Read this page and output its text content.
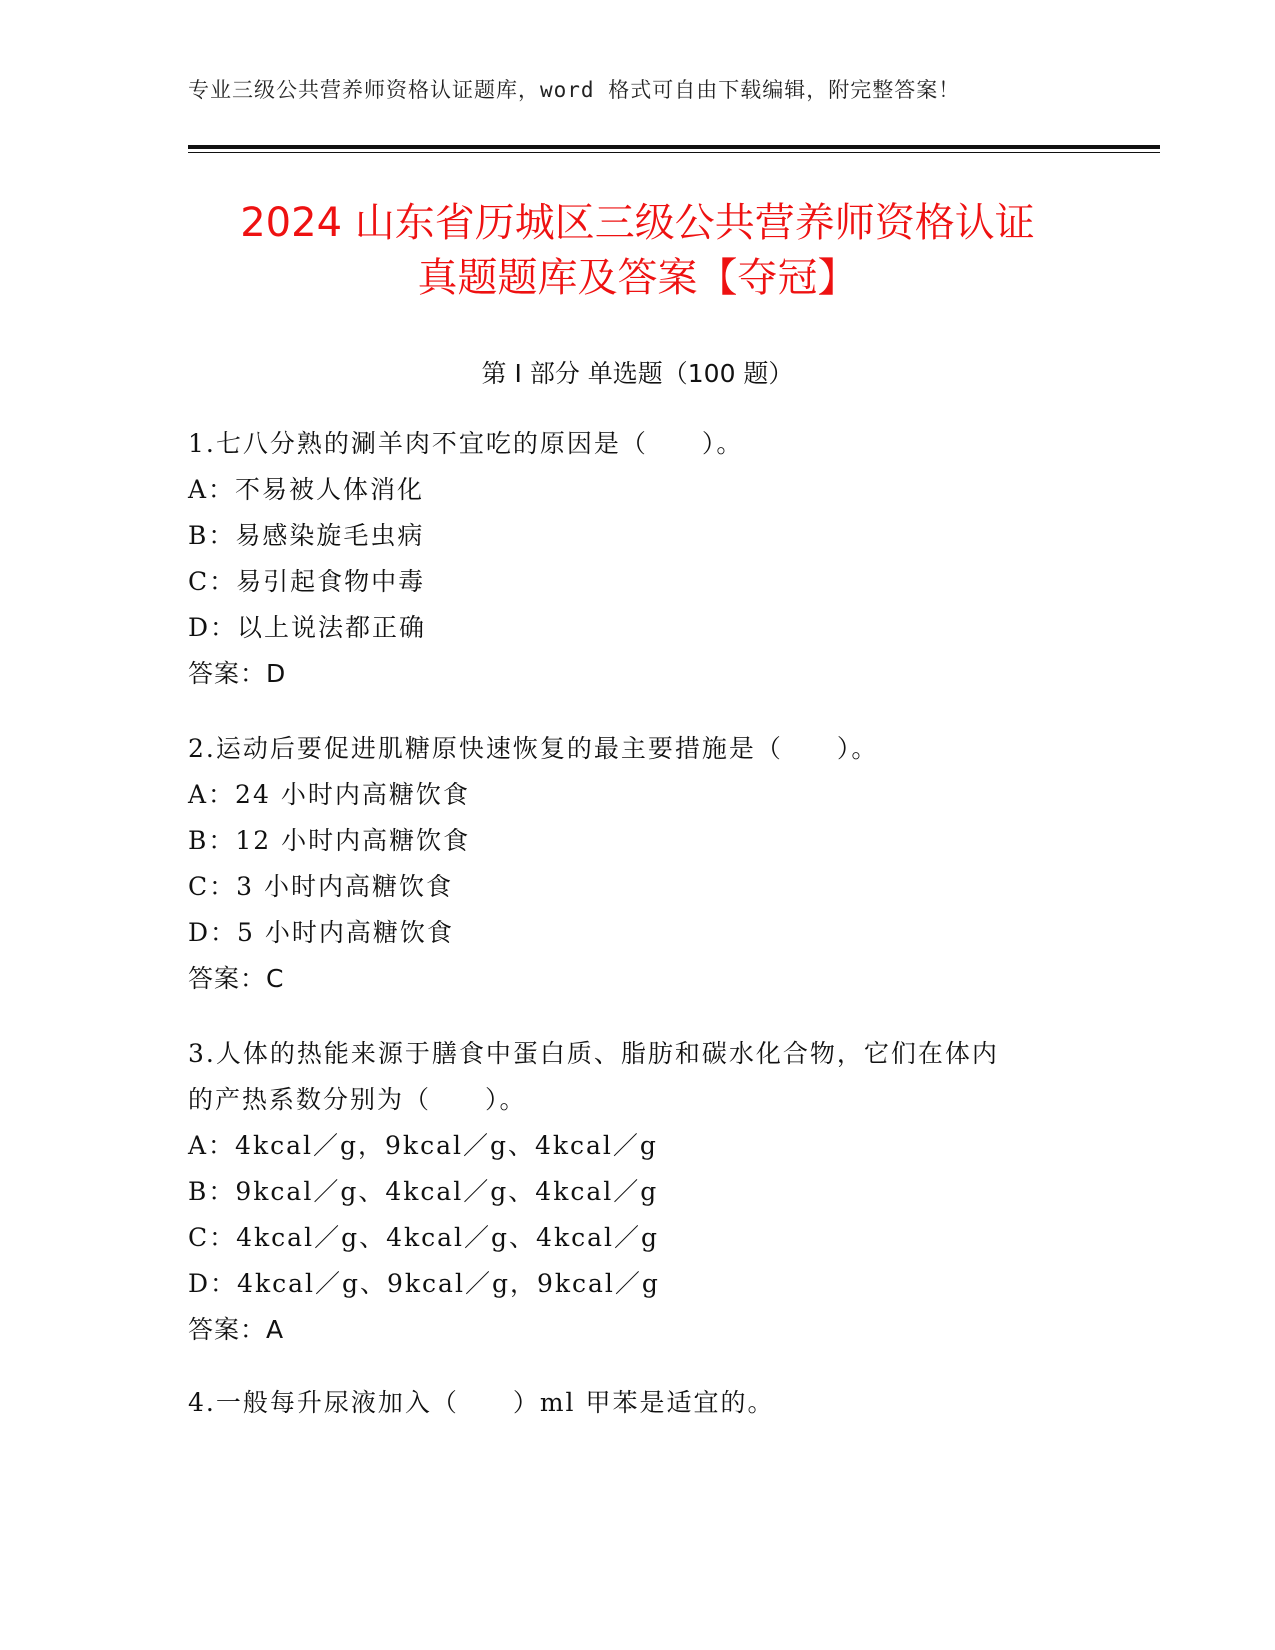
专业三级公共营养师资格认证题库，word 格式可自由下载编辑，附完整答案！
2024 山东省历城区三级公共营养师资格认证
真题题库及答案【夺冠】
第 I 部分 单选题（100 题）
1.七八分熟的涮羊肉不宜吃的原因是（　　）。
A：不易被人体消化
B：易感染旋毛虫病
C：易引起食物中毒
D：以上说法都正确
答案：D
2.运动后要促进肌糖原快速恢复的最主要措施是（　　）。
A：24 小时内高糖饮食
B：12 小时内高糖饮食
C：3 小时内高糖饮食
D：5 小时内高糖饮食
答案：C
3.人体的热能来源于膳食中蛋白质、脂肪和碳水化合物，它们在体内
的产热系数分别为（　　）。
A：4kcal／g，9kcal／g、4kcal／g
B：9kcal／g、4kcal／g、4kcal／g
C：4kcal／g、4kcal／g、4kcal／g
D：4kcal／g、9kcal／g，9kcal／g
答案：A
4.一般每升尿液加入（　　）ml 甲苯是适宜的。
